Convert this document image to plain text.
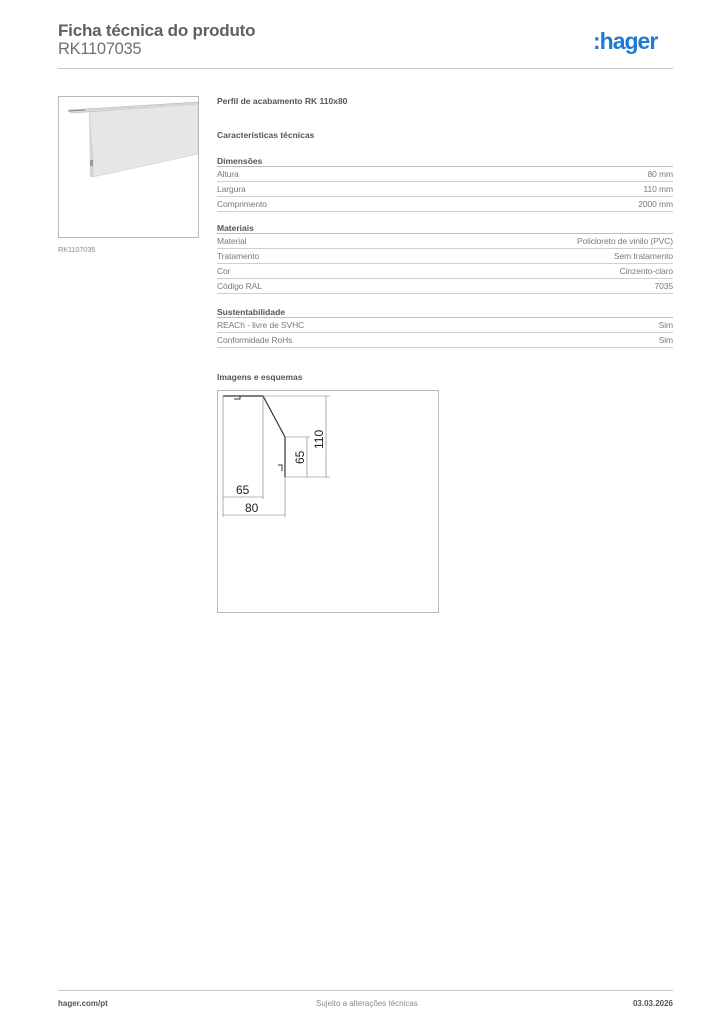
Ficha técnica do produto
RK1107035	:hager
RK1107035
Perfil de acabamento RK 110x80
Características técnicas
Dimensões
Altura	80 mm
Largura	110 mm
Comprimento	2000 mm
Materiais
Material	Policloreto de vinilo (PVC)
Tratamento	Sem tratamento
Cor	Cinzento-claro
Código RAL	7035
Sustentabilidade
REACh - livre de SVHC	Sim
Conformidade RoHs	Sim
Imagens e esquemas
65
80
110
65
hager.com/pt	Sujeito a alterações técnicas	03.03.2026
